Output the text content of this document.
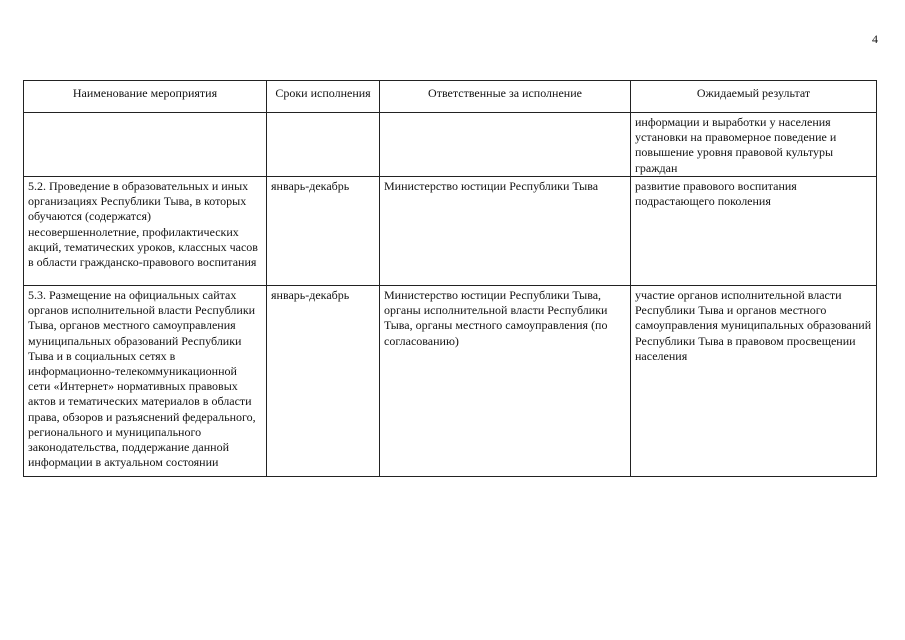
4
Наименование мероприятия	Сроки исполнения	Ответственные за исполнение	Ожидаемый результат
			информации и выработки у населения установки на правомерное поведение и повышение уровня правовой культуры граждан
5.2. Проведение в образовательных и иных организациях Республики Тыва, в которых обучаются (содержатся) несовершеннолетние, профилактических акций, тематических уроков, классных часов в области гражданско-правового воспитания	январь-декабрь	Министерство юстиции Республики Тыва	развитие правового воспитания подрастающего поколения
5.3. Размещение на официальных сайтах органов исполнительной власти Республики Тыва, органов местного самоуправления муниципальных образований Республики Тыва и в социальных сетях в информационно-телекоммуникационной сети «Интернет» нормативных правовых актов и тематических материалов в области права, обзоров и разъяснений федерального, регионального и муниципального законодательства, поддержание данной информации в актуальном состоянии	январь-декабрь	Министерство юстиции Республики Тыва, органы исполнительной власти Республики Тыва, органы местного самоуправления (по согласованию)	участие органов исполнительной власти Республики Тыва и органов местного самоуправления муниципальных образований Республики Тыва в правовом просвещении населения
